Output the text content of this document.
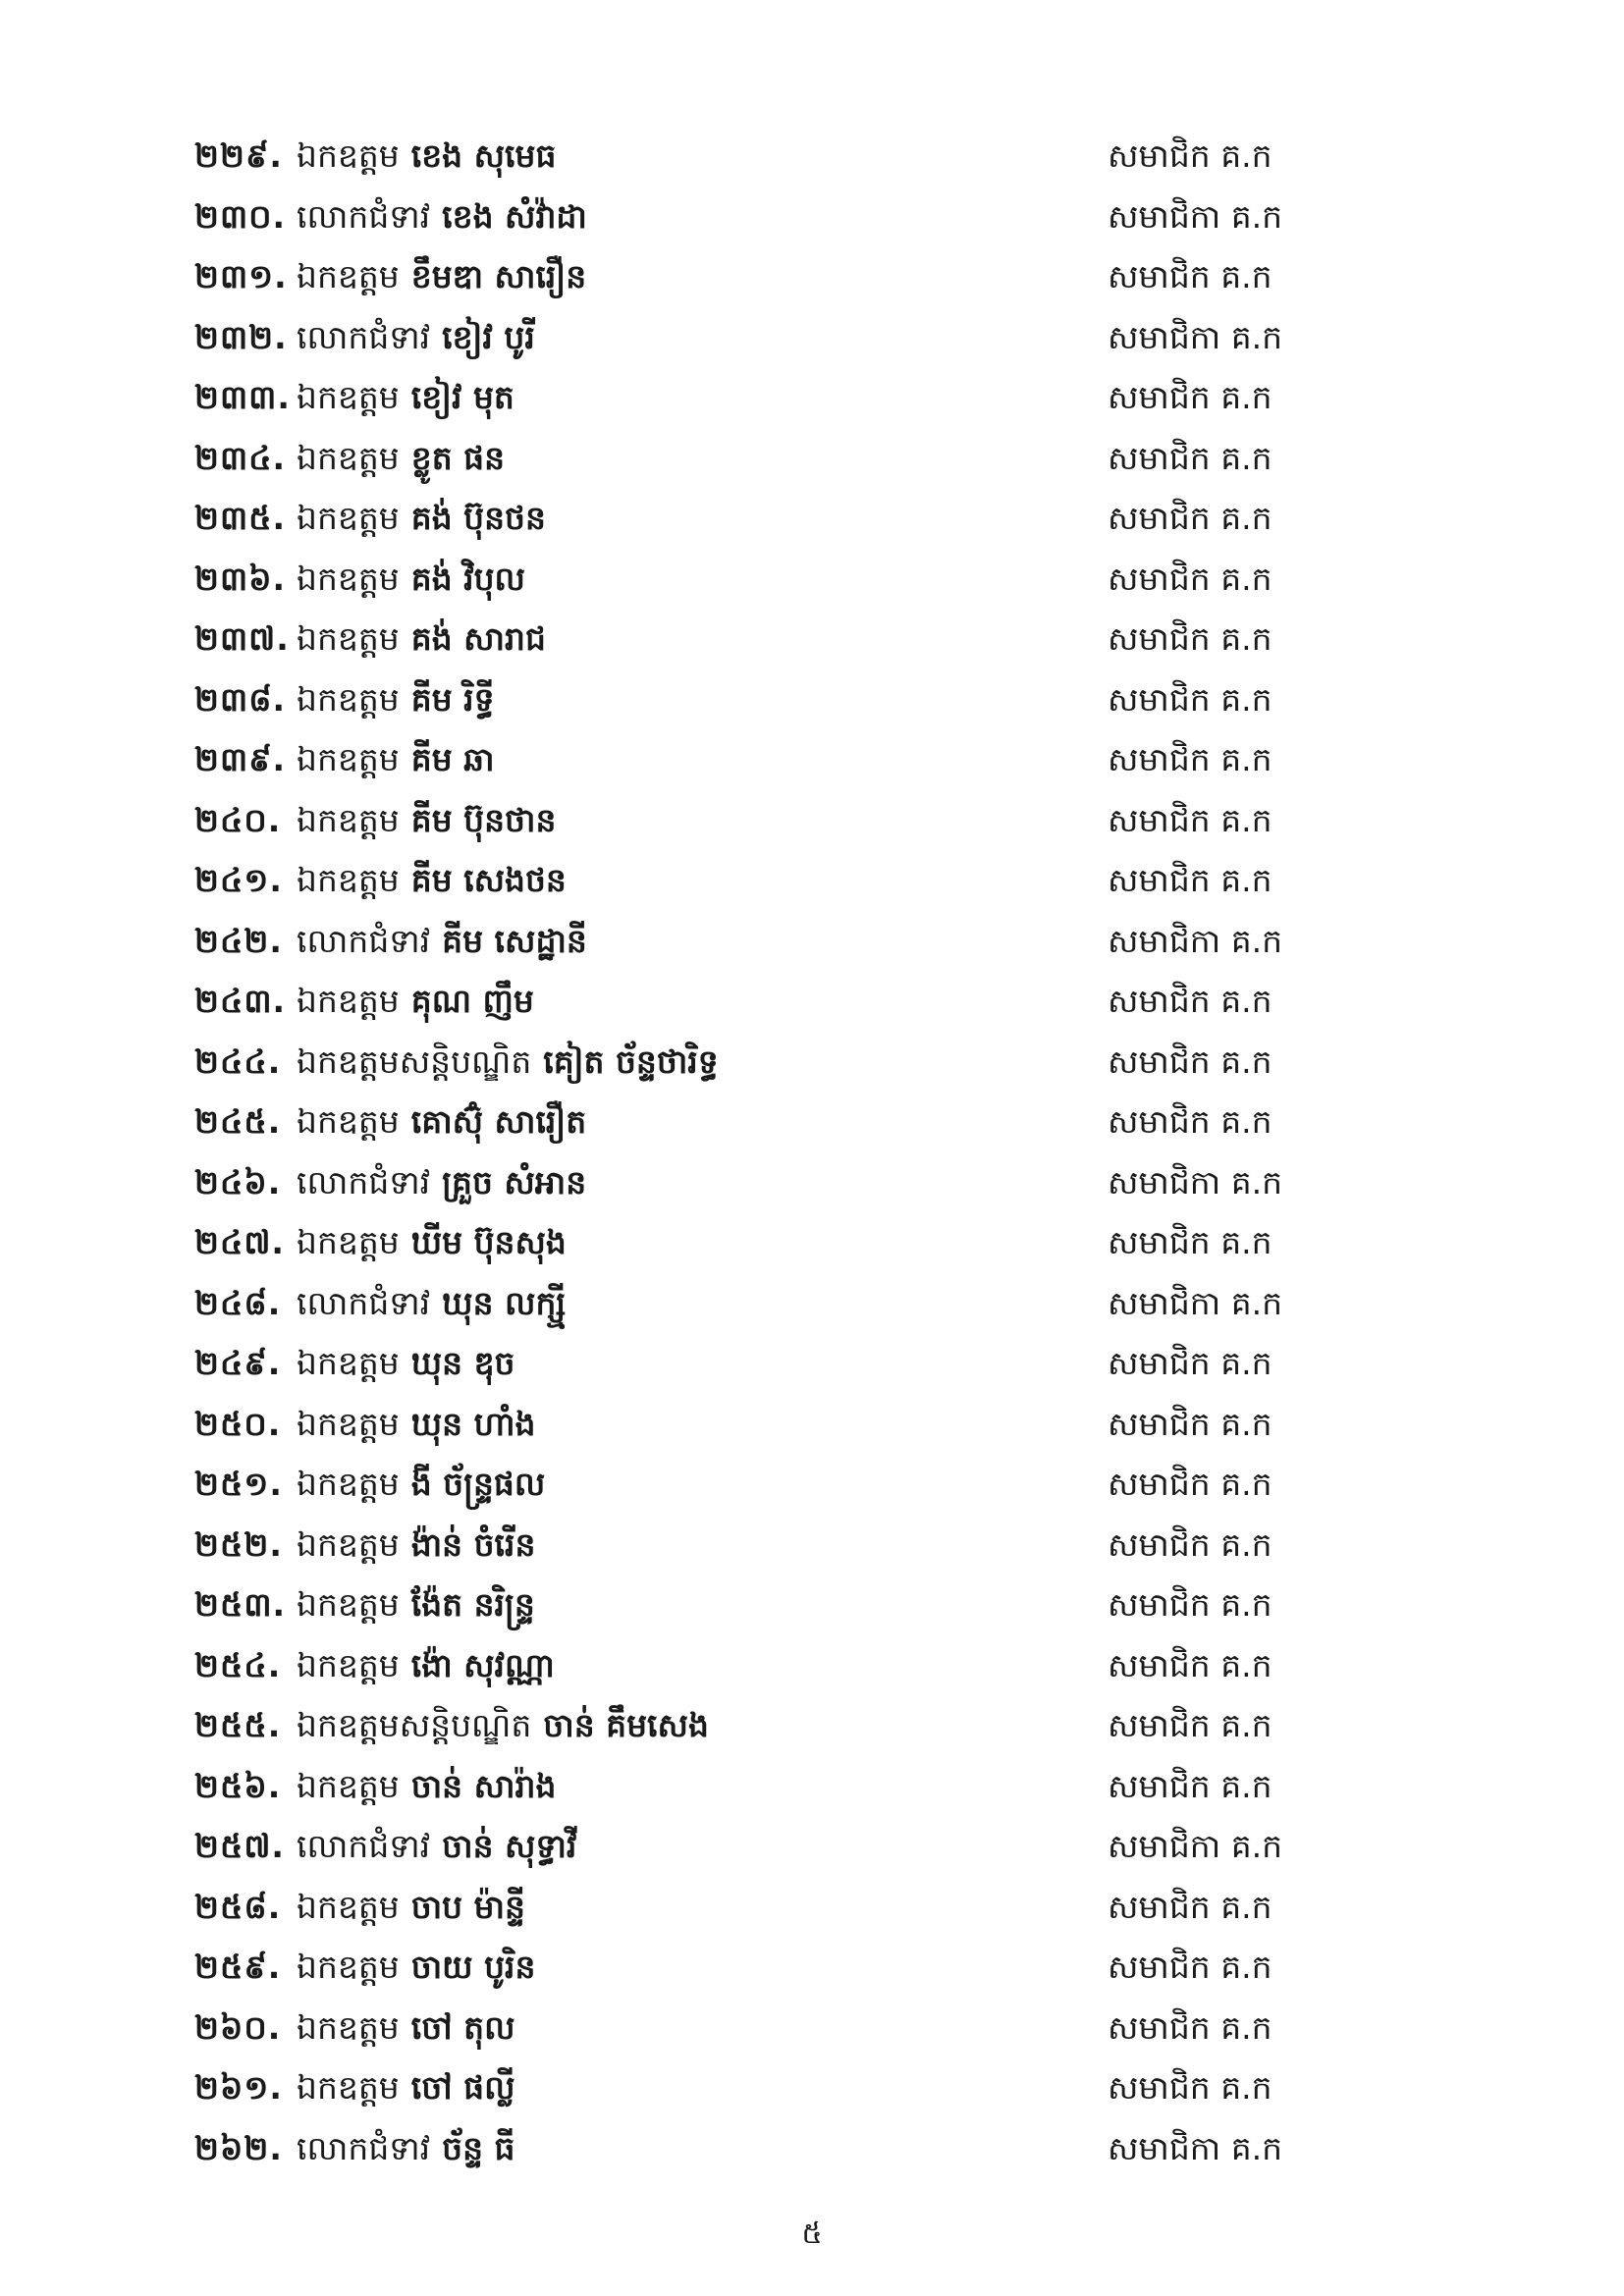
២២៩. ឯកឧត្តម ខេង សុមេធ	សមាជិក គ.ក
២៣០. លោកជំទាវ ខេង សំវ៉ាដា	សមាជិកា គ.ក
២៣១. ឯកឧត្តម ខឹមឌា សារឿន	សមាជិក គ.ក
២៣២. លោកជំទាវ ខៀវ បូរី	សមាជិកា គ.ក
២៣៣. ឯកឧត្តម ខៀវ មុត	សមាជិក គ.ក
២៣៤. ឯកឧត្តម ខ្លូត ផន	សមាជិក គ.ក
២៣៥. ឯកឧត្តម គង់ ប៊ុនថន	សមាជិក គ.ក
២៣៦. ឯកឧត្តម គង់ វិបុល	សមាជិក គ.ក
២៣៧. ឯកឧត្តម គង់ សារាជ	សមាជិក គ.ក
២៣៨. ឯកឧត្តម គីម រិទ្ធី	សមាជិក គ.ក
២៣៩. ឯកឧត្តម គីម ឆា	សមាជិក គ.ក
២៤០. ឯកឧត្តម គីម ប៊ុនថាន	សមាជិក គ.ក
២៤១. ឯកឧត្តម គីម សេងថន	សមាជិក គ.ក
២៤២. លោកជំទាវ គីម សេដ្ឋានី	សមាជិកា គ.ក
២៤៣. ឯកឧត្តម គុណ ញឹម	សមាជិក គ.ក
២៤៤. ឯកឧត្តមសន្តិបណ្ឌិត គៀត ច័ន្ទថារិទ្ធ	សមាជិក គ.ក
២៤៥. ឯកឧត្តម គោស៊ុំ សារឿត	សមាជិក គ.ក
២៤៦. លោកជំទាវ គ្រួច សំអាន	សមាជិកា គ.ក
២៤៧. ឯកឧត្តម ឃីម ប៊ុនសុង	សមាជិក គ.ក
២៤៨. លោកជំទាវ ឃុន លក្ស្មី	សមាជិកា គ.ក
២៤៩. ឯកឧត្តម ឃុន ឌុច	សមាជិក គ.ក
២៥០. ឯកឧត្តម ឃុន ហាំង	សមាជិក គ.ក
២៥១. ឯកឧត្តម ងី ច័ន្ទ្រផល	សមាជិក គ.ក
២៥២. ឯកឧត្តម ង៉ាន់ ចំរើន	សមាជិក គ.ក
២៥៣. ឯកឧត្តម ង៉ែត នរិន្ទ្រ	សមាជិក គ.ក
២៥៤. ឯកឧត្តម ង៉ោ សុវណ្ណា	សមាជិក គ.ក
២៥៥. ឯកឧត្តមសន្តិបណ្ឌិត ចាន់ គឹមសេង	សមាជិក គ.ក
២៥៦. ឯកឧត្តម ចាន់ សារ៉ាង	សមាជិក គ.ក
២៥៧. លោកជំទាវ ចាន់ សុទ្ធាវី	សមាជិកា គ.ក
២៥៨. ឯកឧត្តម ចាប ម៉ាន្ទី	សមាជិក គ.ក
២៥៩. ឯកឧត្តម ចាយ បូរិន	សមាជិក គ.ក
២៦០. ឯកឧត្តម ចៅ តុល	សមាជិក គ.ក
២៦១. ឯកឧត្តម ចៅ ផល្លី	សមាជិក គ.ក
២៦២. លោកជំទាវ ច័ន្ទ ធី	សមាជិកា គ.ក
៥
